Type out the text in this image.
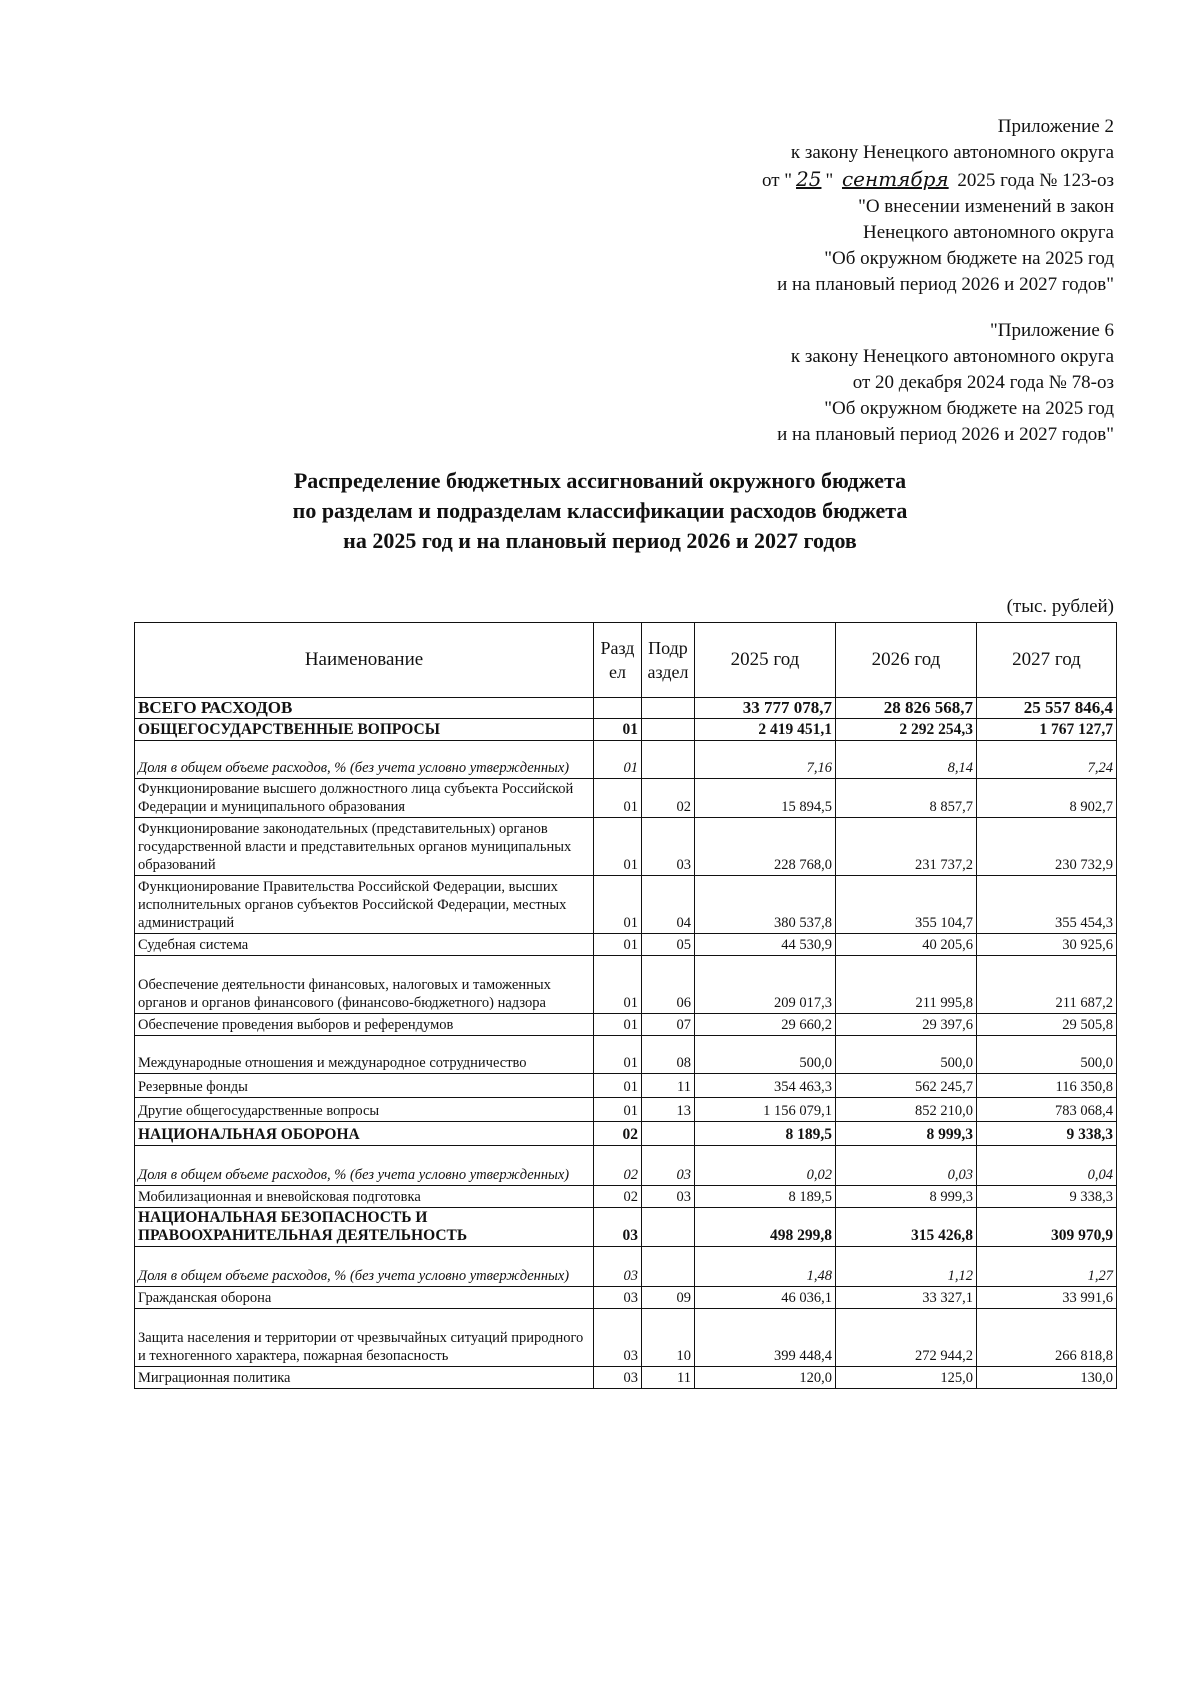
Приложение 2
к закону Ненецкого автономного округа
от " 25 " сентября 2025 года № 123-оз
"О внесении изменений в закон
Ненецкого автономного округа
"Об окружном бюджете на 2025 год
и на плановый период 2026 и 2027 годов"
"Приложение 6
к закону Ненецкого автономного округа
от 20 декабря 2024 года № 78-оз
"Об окружном бюджете на 2025 год
и на плановый период 2026 и 2027 годов"
Распределение бюджетных ассигнований окружного бюджета
по разделам и подразделам классификации расходов бюджета
на 2025 год и на плановый период 2026 и 2027 годов
(тыс. рублей)
Наименование	Разд ел	Подр аздел	2025 год	2026 год	2027 год
ВСЕГО РАСХОДОВ			33 777 078,7	28 826 568,7	25 557 846,4
ОБЩЕГОСУДАРСТВЕННЫЕ ВОПРОСЫ	01		2 419 451,1	2 292 254,3	1 767 127,7
Доля в общем объеме расходов, % (без учета условно утвержденных)	01		7,16	8,14	7,24
Функционирование высшего должностного лица субъекта Российской Федерации и муниципального образования	01	02	15 894,5	8 857,7	8 902,7
Функционирование законодательных (представительных) органов государственной власти и представительных органов муниципальных образований	01	03	228 768,0	231 737,2	230 732,9
Функционирование Правительства Российской Федерации, высших исполнительных органов субъектов Российской Федерации, местных администраций	01	04	380 537,8	355 104,7	355 454,3
Судебная система	01	05	44 530,9	40 205,6	30 925,6
Обеспечение деятельности финансовых, налоговых и таможенных органов и органов финансового (финансово-бюджетного) надзора	01	06	209 017,3	211 995,8	211 687,2
Обеспечение проведения выборов и референдумов	01	07	29 660,2	29 397,6	29 505,8
Международные отношения и международное сотрудничество	01	08	500,0	500,0	500,0
Резервные фонды	01	11	354 463,3	562 245,7	116 350,8
Другие общегосударственные вопросы	01	13	1 156 079,1	852 210,0	783 068,4
НАЦИОНАЛЬНАЯ ОБОРОНА	02		8 189,5	8 999,3	9 338,3
Доля в общем объеме расходов, % (без учета условно утвержденных)	02	03	0,02	0,03	0,04
Мобилизационная и вневойсковая подготовка	02	03	8 189,5	8 999,3	9 338,3
НАЦИОНАЛЬНАЯ БЕЗОПАСНОСТЬ И ПРАВООХРАНИТЕЛЬНАЯ ДЕЯТЕЛЬНОСТЬ	03		498 299,8	315 426,8	309 970,9
Доля в общем объеме расходов, % (без учета условно утвержденных)	03		1,48	1,12	1,27
Гражданская оборона	03	09	46 036,1	33 327,1	33 991,6
Защита населения и территории от чрезвычайных ситуаций природного и техногенного характера, пожарная безопасность	03	10	399 448,4	272 944,2	266 818,8
Миграционная политика	03	11	120,0	125,0	130,0
